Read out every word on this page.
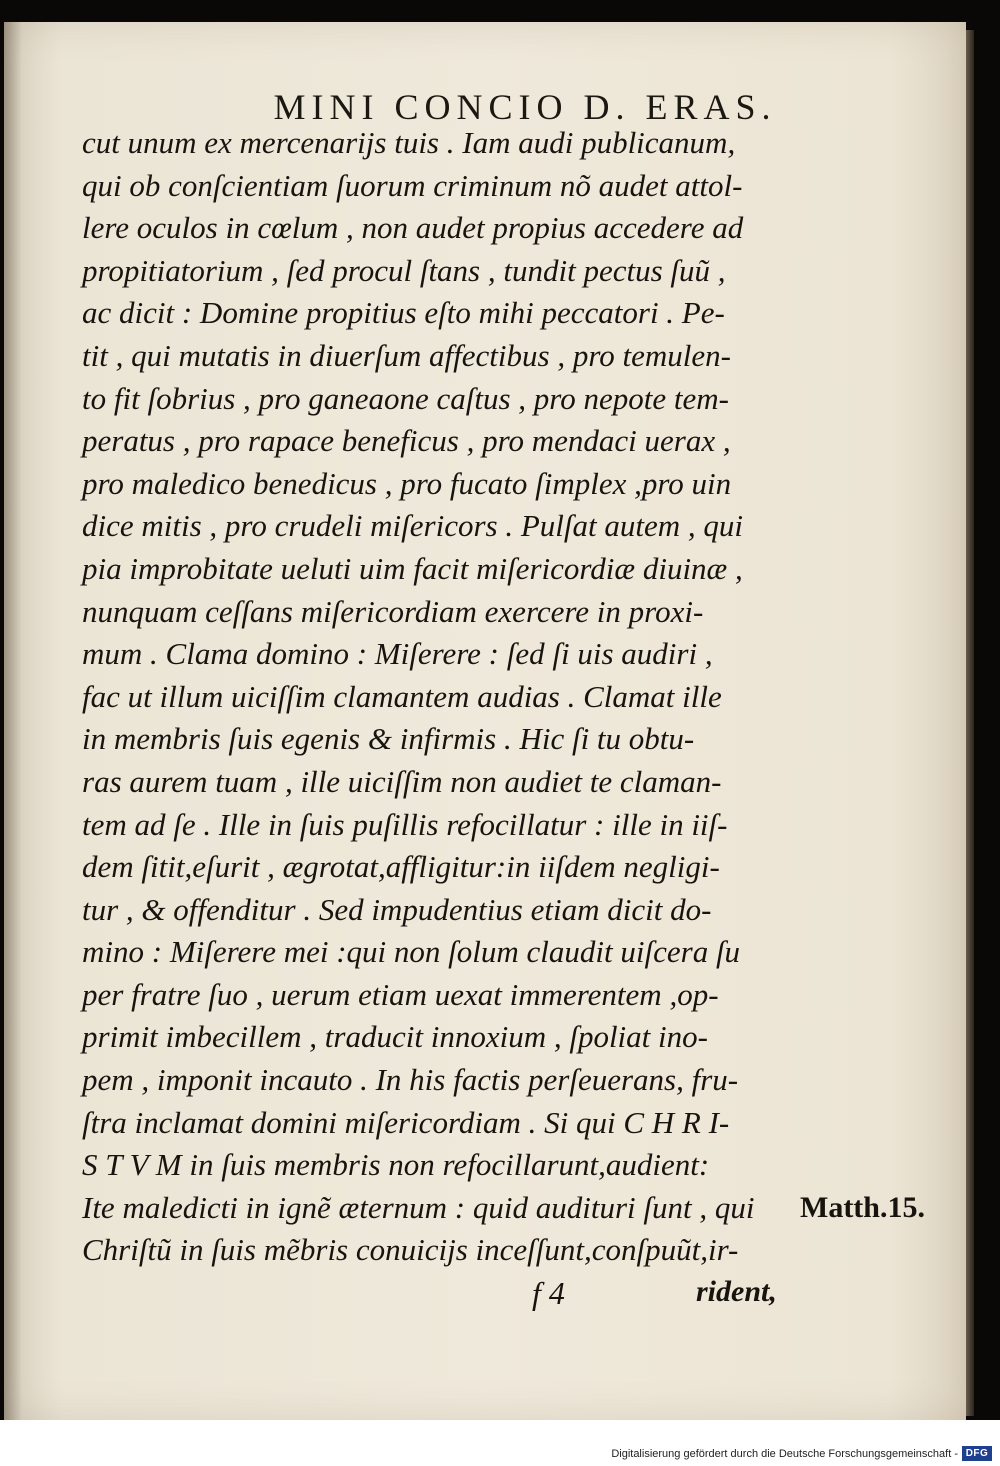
MINI CONCIO D. ERAS.
cut unum ex mercenarijs tuis . Iam audi publicanum,
qui ob conſcientiam ſuorum criminum nõ audet attol-
lere oculos in cœlum , non audet propius accedere ad
propitiatorium , ſed procul ſtans , tundit pectus ſuũ ,
ac dicit : Domine propitius eſto mihi peccatori . Pe-
tit , qui mutatis in diuerſum affectibus , pro temulen-
to fit ſobrius , pro ganeaone caſtus , pro nepote tem-
peratus , pro rapace beneficus , pro mendaci uerax ,
pro maledico benedicus , pro fucato ſimplex ,pro uin
dice mitis , pro crudeli miſericors . Pulſat autem , qui
pia improbitate ueluti uim facit miſericordiæ diuinæ ,
nunquam ceſſans miſericordiam exercere in proxi-
mum . Clama domino : Miſerere : ſed ſi uis audiri ,
fac ut illum uiciſſim clamantem audias . Clamat ille
in membris ſuis egenis & infirmis . Hic ſi tu obtu-
ras aurem tuam , ille uiciſſim non audiet te claman-
tem ad ſe . Ille in ſuis puſillis refocillatur : ille in iiſ-
dem ſitit,eſurit , ægrotat,affligitur:in iiſdem negligi-
tur , & offenditur . Sed impudentius etiam dicit do-
mino : Miſerere mei :qui non ſolum claudit uiſcera ſu
per fratre ſuo , uerum etiam uexat immerentem ,op-
primit imbecillem , traducit innoxium , ſpoliat ino-
pem , imponit incauto . In his factis perſeuerans, fru-
ſtra inclamat domini miſericordiam . Si qui C H R I-
S T V M in ſuis membris non refocillarunt,audient:
Ite maledicti in ignẽ æternum : quid audituri ſunt , qui
Chriſtũ in ſuis mẽbris conuicijs inceſſunt,conſpuũt,ir-
Matth.15.
f 4	rident,
Digitalisierung gefördert durch die Deutsche Forschungsgemeinschaft - DFG
